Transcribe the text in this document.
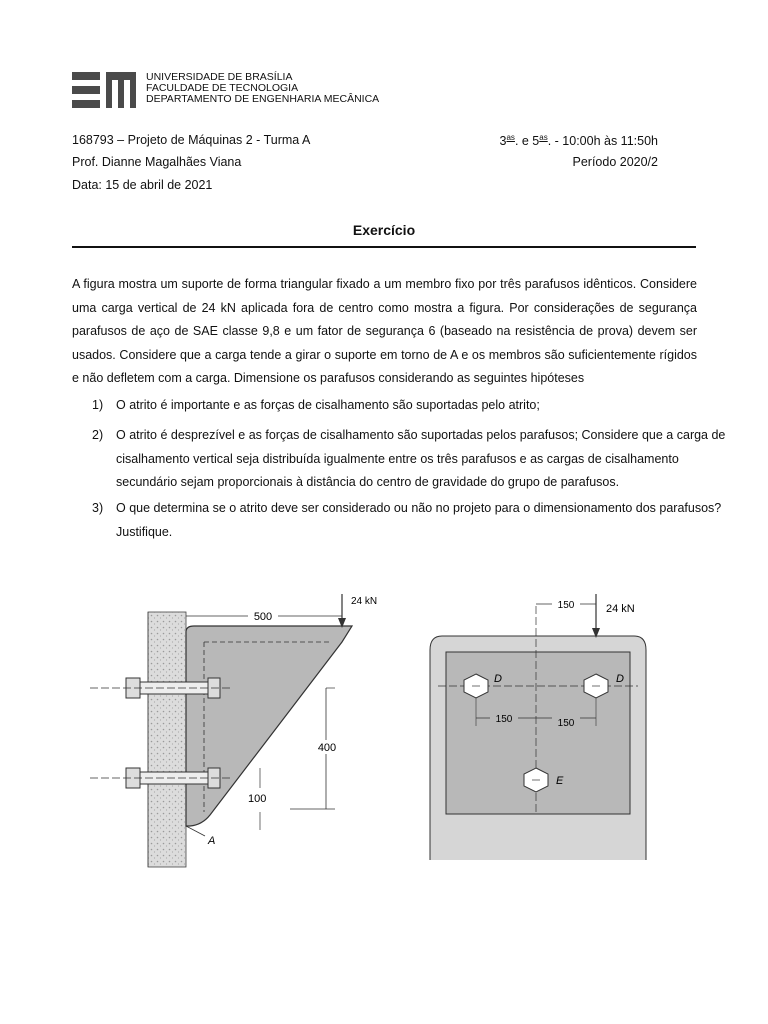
UNIVERSIDADE DE BRASÍLIA
FACULDADE DE TECNOLOGIA
DEPARTAMENTO DE ENGENHARIA MECÂNICA
168793 – Projeto de Máquinas 2 - Turma A
Prof. Dianne Magalhães Viana
Data: 15 de abril de 2021
$3^{as}$. e $5^{as}$. - 10:00h às 11:50h
Período 2020/2
Exercício
A figura mostra um suporte de forma triangular fixado a um membro fixo por três parafusos idênticos. Considere uma carga vertical de 24 kN aplicada fora de centro como mostra a figura. Por considerações de segurança parafusos de aço de SAE classe 9,8 e um fator de segurança 6 (baseado na resistência de prova) devem ser usados. Considere que a carga tende a girar o suporte em torno de A e os membros são suficientemente rígidos e não defletem com a carga. Dimensione os parafusos considerando as seguintes hipóteses
1) O atrito é importante e as forças de cisalhamento são suportadas pelo atrito;
2) O atrito é desprezível e as forças de cisalhamento são suportadas pelos parafusos; Considere que a carga de cisalhamento vertical seja distribuída igualmente entre os três parafusos e as cargas de cisalhamento secundário sejam proporcionais à distância do centro de gravidade do grupo de parafusos.
3) O que determina se o atrito deve ser considerado ou não no projeto para o dimensionamento dos parafusos? Justifique.
500
24 kN
400
100
A
150	24 kN
D	D
E
150	150
